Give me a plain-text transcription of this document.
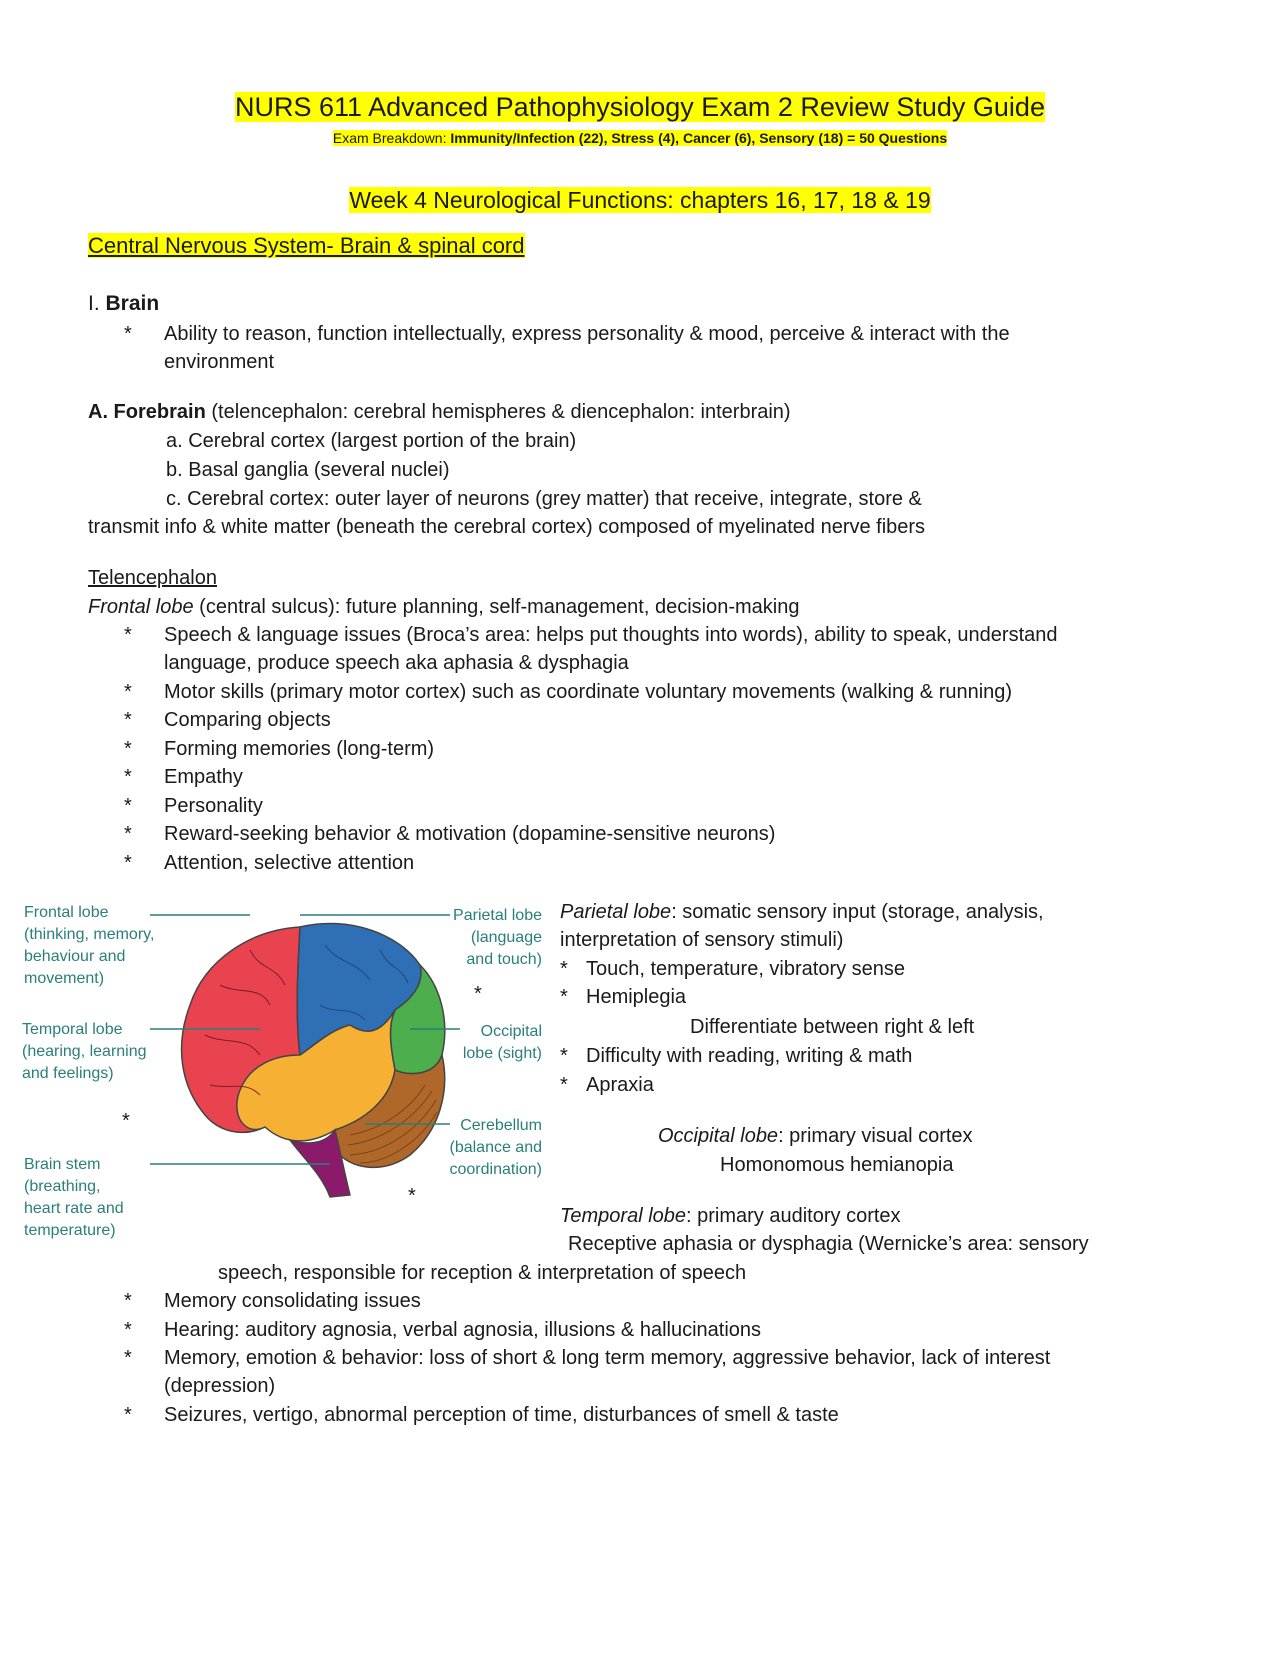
NURS 611 Advanced Pathophysiology Exam 2 Review Study Guide
Exam Breakdown: Immunity/Infection (22), Stress (4), Cancer (6), Sensory (18) = 50 Questions
Week 4 Neurological Functions: chapters 16, 17, 18 & 19
Central Nervous System- Brain & spinal cord
I. Brain
*	Ability to reason, function intellectually, express personality & mood, perceive & interact with the
environment
A. Forebrain (telencephalon: cerebral hemispheres & diencephalon: interbrain)
a. Cerebral cortex (largest portion of the brain)
b. Basal ganglia (several nuclei)
c. Cerebral cortex: outer layer of neurons (grey matter) that receive, integrate, store &
transmit info & white matter (beneath the cerebral cortex) composed of myelinated nerve fibers
Telencephalon
Frontal lobe (central sulcus): future planning, self-management, decision-making
*	Speech & language issues (Broca’s area: helps put thoughts into words), ability to speak, understand
language, produce speech aka aphasia & dysphagia
*	Motor skills (primary motor cortex) such as coordinate voluntary movements (walking & running)
*	Comparing objects
*	Forming memories (long-term)
*	Empathy
*	Personality
*	Reward-seeking behavior & motivation (dopamine-sensitive neurons)
*	Attention, selective attention
Frontal lobe
(thinking, memory,
behaviour and
movement)
Temporal lobe
(hearing, learning
and feelings)
Brain stem
(breathing,
heart rate and
temperature)
Parietal lobe
(language
and touch)
Occipital
lobe (sight)
Cerebellum
(balance and
coordination)
*
*
*
Parietal lobe: somatic sensory input (storage, analysis,
interpretation of sensory stimuli)
* Touch, temperature, vibratory sense
* Hemiplegia
Differentiate between right & left
* Difficulty with reading, writing & math
* Apraxia
Occipital lobe: primary visual cortex
Homonomous hemianopia
Temporal lobe: primary auditory cortex
Receptive aphasia or dysphagia (Wernicke’s area: sensory
speech, responsible for reception & interpretation of speech
*	Memory consolidating issues
*	Hearing: auditory agnosia, verbal agnosia, illusions & hallucinations
*	Memory, emotion & behavior: loss of short & long term memory, aggressive behavior, lack of interest
(depression)
*	Seizures, vertigo, abnormal perception of time, disturbances of smell & taste
